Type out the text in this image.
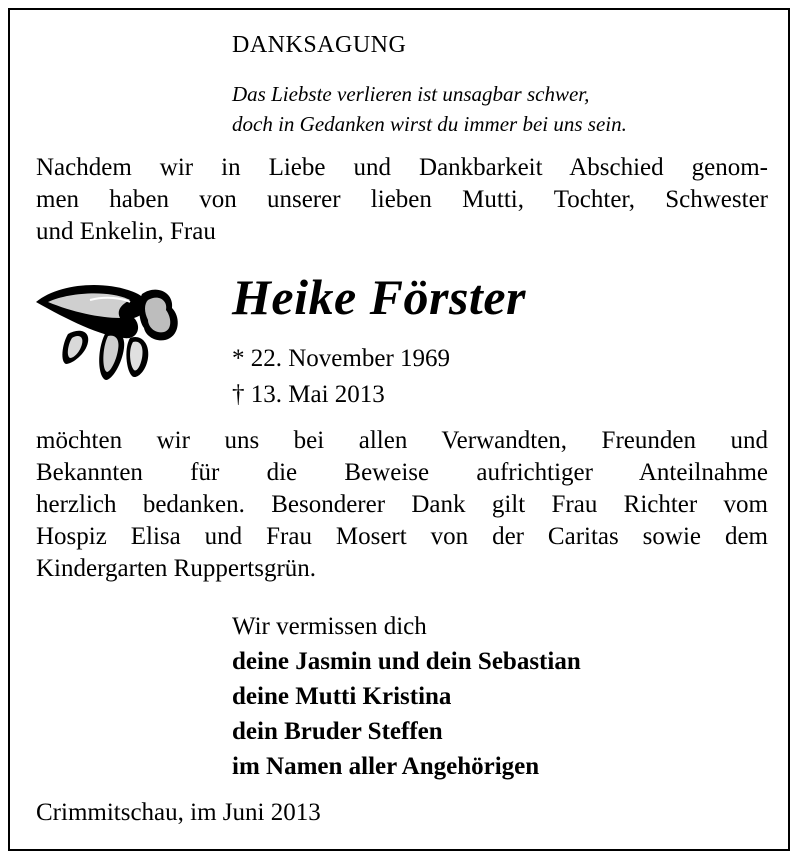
DANKSAGUNG
Das Liebste verlieren ist unsagbar schwer,
doch in Gedanken wirst du immer bei uns sein.
Nachdem wir in Liebe und Dankbarkeit Abschied genom-
men haben von unserer lieben Mutti, Tochter, Schwester
und Enkelin, Frau
Heike Förster
* 22. November 1969
† 13. Mai 2013
möchten wir uns bei allen Verwandten, Freunden und
Bekannten für die Beweise aufrichtiger Anteilnahme
herzlich bedanken. Besonderer Dank gilt Frau Richter vom
Hospiz Elisa und Frau Mosert von der Caritas sowie dem
Kindergarten Ruppertsgrün.
Wir vermissen dich
deine Jasmin und dein Sebastian
deine Mutti Kristina
dein Bruder Steffen
im Namen aller Angehörigen
Crimmitschau, im Juni 2013
